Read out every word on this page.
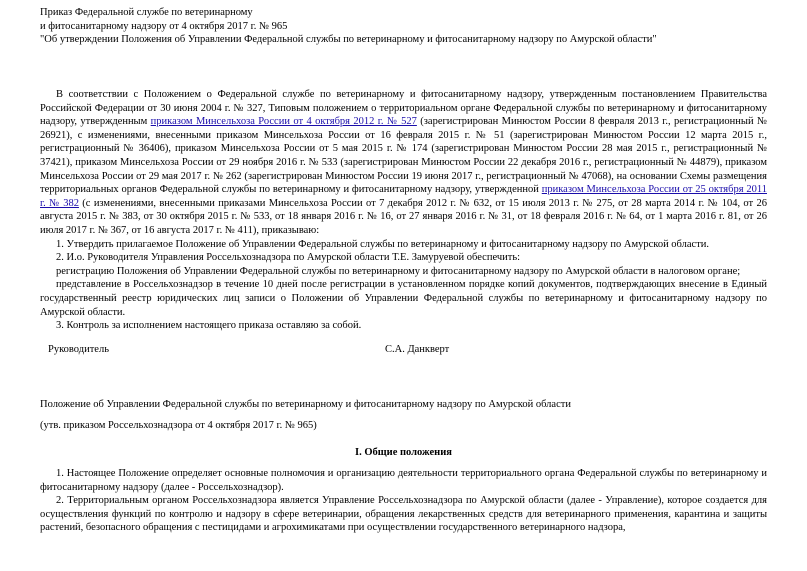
Приказ Федеральной службе по ветеринарному
и фитосанитарному надзору от 4 октября 2017 г. № 965
"Об утверждении Положения об Управлении Федеральной службы по ветеринарному и фитосанитарному надзору по Амурской области"

В соответствии с Положением о Федеральной службе по ветеринарному и фитосанитарному надзору, утвержденным постановлением Правительства Российской Федерации от 30 июня 2004 г. № 327, Типовым положением о территориальном органе Федеральной службы по ветеринарному и фитосанитарному надзору, утвержденным приказом Минсельхоза России от 4 октября 2012 г. № 527 (зарегистрирован Минюстом России 8 февраля 2013 г., регистрационный № 26921), с изменениями, внесенными приказом Минсельхоза России от 16 февраля 2015 г. № 51 (зарегистрирован Минюстом России 12 марта 2015 г., регистрационный № 36406), приказом Минсельхоза России от 5 мая 2015 г. № 174 (зарегистрирован Минюстом России 28 мая 2015 г., регистрационный № 37421), приказом Минсельхоза России от 29 ноября 2016 г. № 533 (зарегистрирован Минюстом России 22 декабря 2016 г., регистрационный № 44879), приказом Минсельхоза России от 29 мая 2017 г. № 262 (зарегистрирован Минюстом России 19 июня 2017 г., регистрационный № 47068), на основании Схемы размещения территориальных органов Федеральной службы по ветеринарному и фитосанитарному надзору, утвержденной приказом Минсельхоза России от 25 октября 2011 г. № 382 (с изменениями, внесенными приказами Минсельхоза России от 7 декабря 2012 г. № 632, от 15 июля 2013 г. № 275, от 28 марта 2014 г. № 104, от 26 августа 2015 г. № 383, от 30 октября 2015 г. № 533, от 18 января 2016 г. № 16, от 27 января 2016 г. № 31, от 18 февраля 2016 г. № 64, от 1 марта 2016 г. 81, от 26 июля 2017 г. № 367, от 16 августа 2017 г. № 411), приказываю:

1. Утвердить прилагаемое Положение об Управлении Федеральной службы по ветеринарному и фитосанитарному надзору по Амурской области.

2. И.о. Руководителя Управления Россельхознадзора по Амурской области Т.Е. Замуруевой обеспечить:

регистрацию Положения об Управлении Федеральной службы по ветеринарному и фитосанитарному надзору по Амурской области в налоговом органе;

представление в Россельхознадзор в течение 10 дней после регистрации в установленном порядке копий документов, подтверждающих внесение в Единый государственный реестр юридических лиц записи о Положении об Управлении Федеральной службы по ветеринарному и фитосанитарному надзору по Амурской области.

3. Контроль за исполнением настоящего приказа оставляю за собой.

Руководитель	С.А. Данкверт
Положение об Управлении Федеральной службы по ветеринарному и фитосанитарному надзору по Амурской области
(утв. приказом Россельхознадзора от 4 октября 2017 г. № 965)
I. Общие положения

1. Настоящее Положение определяет основные полномочия и организацию деятельности территориального органа Федеральной службы по ветеринарному и фитосанитарному надзору (далее - Россельхознадзор).

2. Территориальным органом Россельхознадзора является Управление Россельхознадзора по Амурской области (далее - Управление), которое создается для осуществления функций по контролю и надзору в сфере ветеринарии, обращения лекарственных средств для ветеринарного применения, карантина и защиты растений, безопасного обращения с пестицидами и агрохимикатами при осуществлении государственного ветеринарного надзора,
